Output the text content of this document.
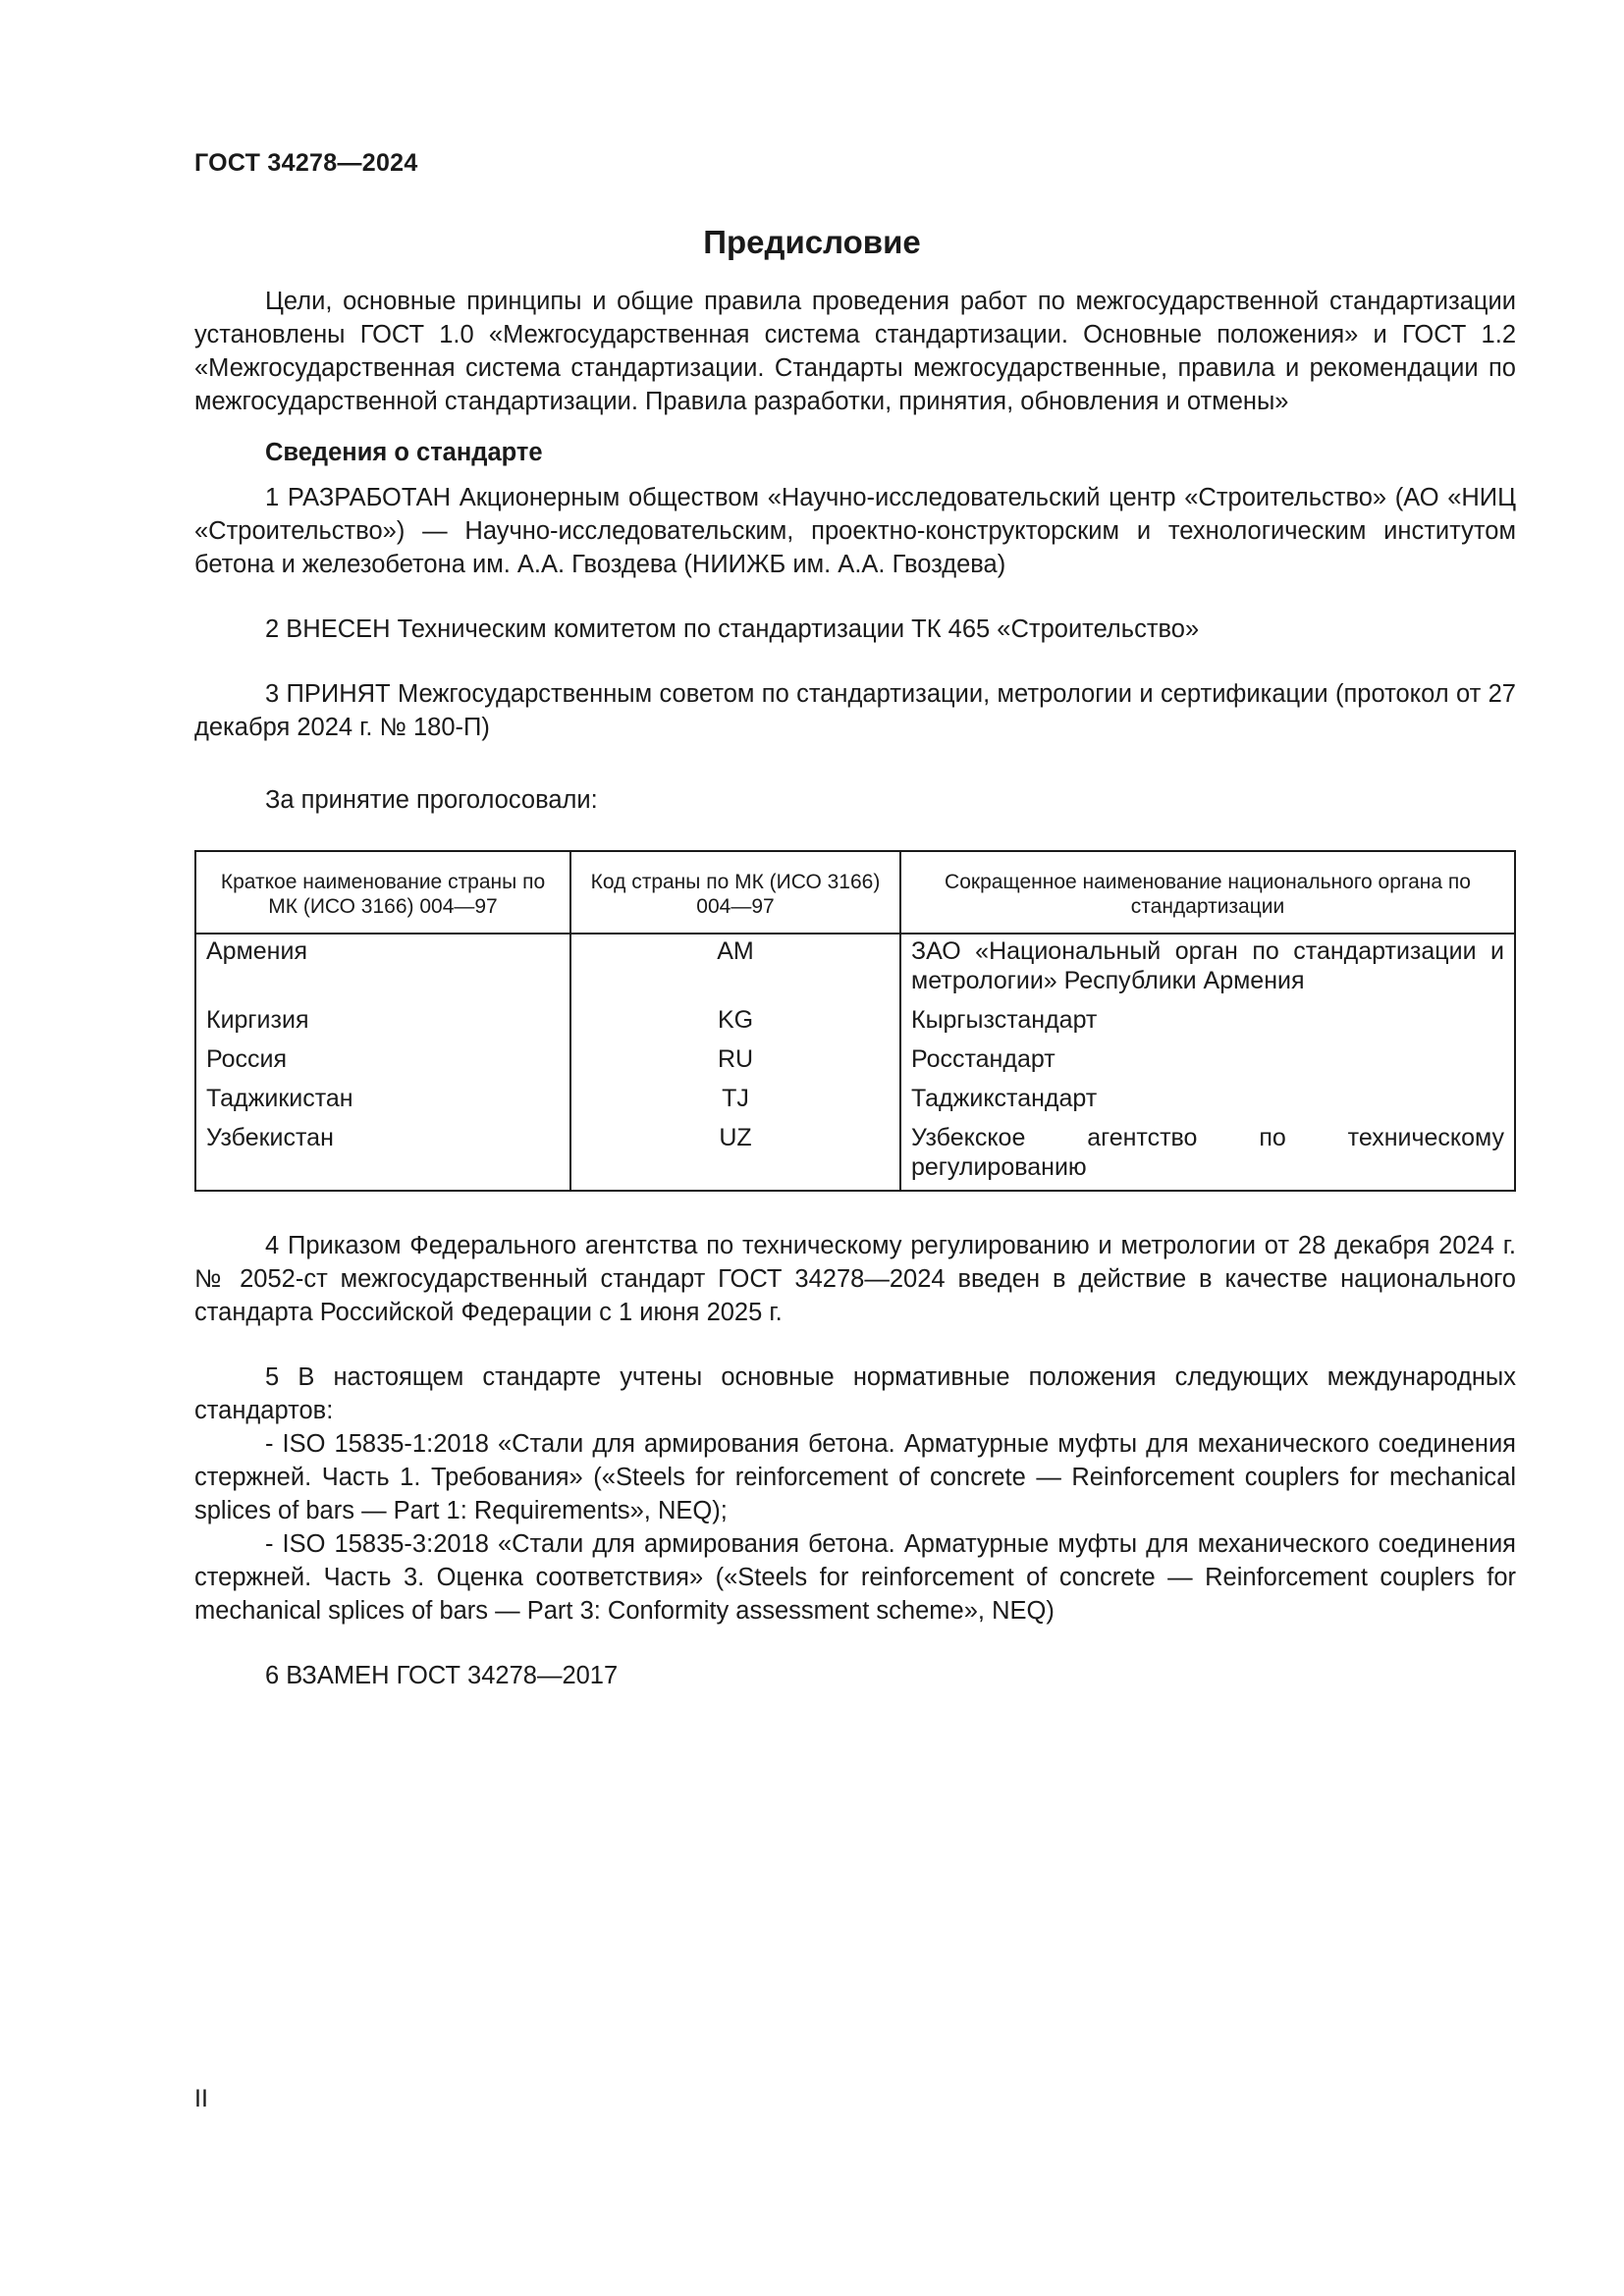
ГОСТ 34278—2024
Предисловие

Цели, основные принципы и общие правила проведения работ по межгосударственной стандартизации установлены ГОСТ 1.0 «Межгосударственная система стандартизации. Основные положения» и ГОСТ 1.2 «Межгосударственная система стандартизации. Стандарты межгосударственные, правила и рекомендации по межгосударственной стандартизации. Правила разработки, принятия, обновления и отмены»

Сведения о стандарте

1 РАЗРАБОТАН Акционерным обществом «Научно-исследовательский центр «Строительство» (АО «НИЦ «Строительство») — Научно-исследовательским, проектно-конструкторским и технологическим институтом бетона и железобетона им. А.А. Гвоздева (НИИЖБ им. А.А. Гвоздева)

2 ВНЕСЕН Техническим комитетом по стандартизации ТК 465 «Строительство»

3 ПРИНЯТ Межгосударственным советом по стандартизации, метрологии и сертификации (протокол от 27 декабря 2024 г. № 180-П)

За принятие проголосовали:

Краткое наименование страны по МК (ИСО 3166) 004—97	Код страны по МК (ИСО 3166) 004—97	Сокращенное наименование национального органа по стандартизации
Армения	AM	ЗАО «Национальный орган по стандартизации и метрологии» Республики Армения
Киргизия	KG	Кыргызстандарт
Россия	RU	Росстандарт
Таджикистан	TJ	Таджикстандарт
Узбекистан	UZ	Узбекское агентство по техническому регулированию

4 Приказом Федерального агентства по техническому регулированию и метрологии от 28 декабря 2024 г. № 2052-ст межгосударственный стандарт ГОСТ 34278—2024 введен в действие в качестве национального стандарта Российской Федерации с 1 июня 2025 г.

5 В настоящем стандарте учтены основные нормативные положения следующих международных стандартов:

- ISO 15835-1:2018 «Стали для армирования бетона. Арматурные муфты для механического соединения стержней. Часть 1. Требования» («Steels for reinforcement of concrete — Reinforcement couplers for mechanical splices of bars — Part 1: Requirements», NEQ);

- ISO 15835-3:2018 «Стали для армирования бетона. Арматурные муфты для механического соединения стержней. Часть 3. Оценка соответствия» («Steels for reinforcement of concrete — Reinforcement couplers for mechanical splices of bars — Part 3: Conformity assessment scheme», NEQ)

6 ВЗАМЕН ГОСТ 34278—2017

II
